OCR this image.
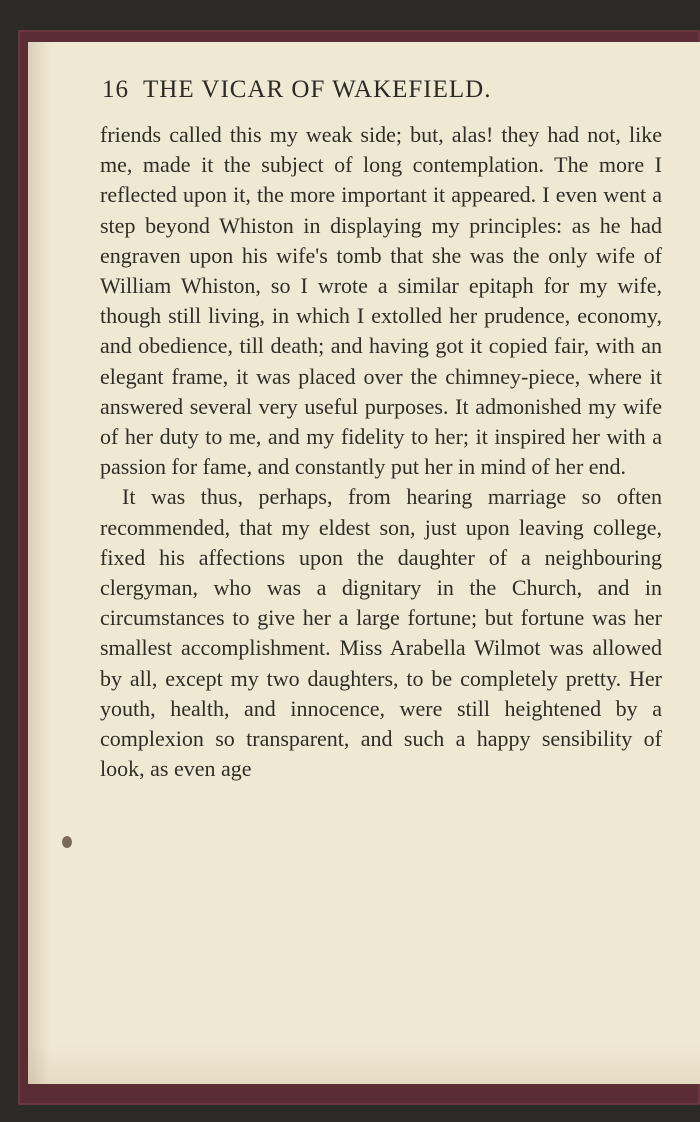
16 THE VICAR OF WAKEFIELD.

friends called this my weak side; but, alas! they had not, like me, made it the subject of long contemplation. The more I reflected upon it, the more important it appeared. I even went a step beyond Whiston in displaying my principles: as he had engraven upon his wife's tomb that she was the only wife of William Whiston, so I wrote a similar epitaph for my wife, though still living, in which I extolled her prudence, economy, and obedience, till death; and having got it copied fair, with an elegant frame, it was placed over the chimney-piece, where it answered several very useful purposes. It admonished my wife of her duty to me, and my fidelity to her; it inspired her with a passion for fame, and constantly put her in mind of her end.

It was thus, perhaps, from hearing marriage so often recommended, that my eldest son, just upon leaving college, fixed his affections upon the daughter of a neighbouring clergyman, who was a dignitary in the Church, and in circumstances to give her a large fortune; but fortune was her smallest accomplishment. Miss Arabella Wilmot was allowed by all, except my two daughters, to be completely pretty. Her youth, health, and innocence, were still heightened by a complexion so transparent, and such a happy sensibility of look, as even age
